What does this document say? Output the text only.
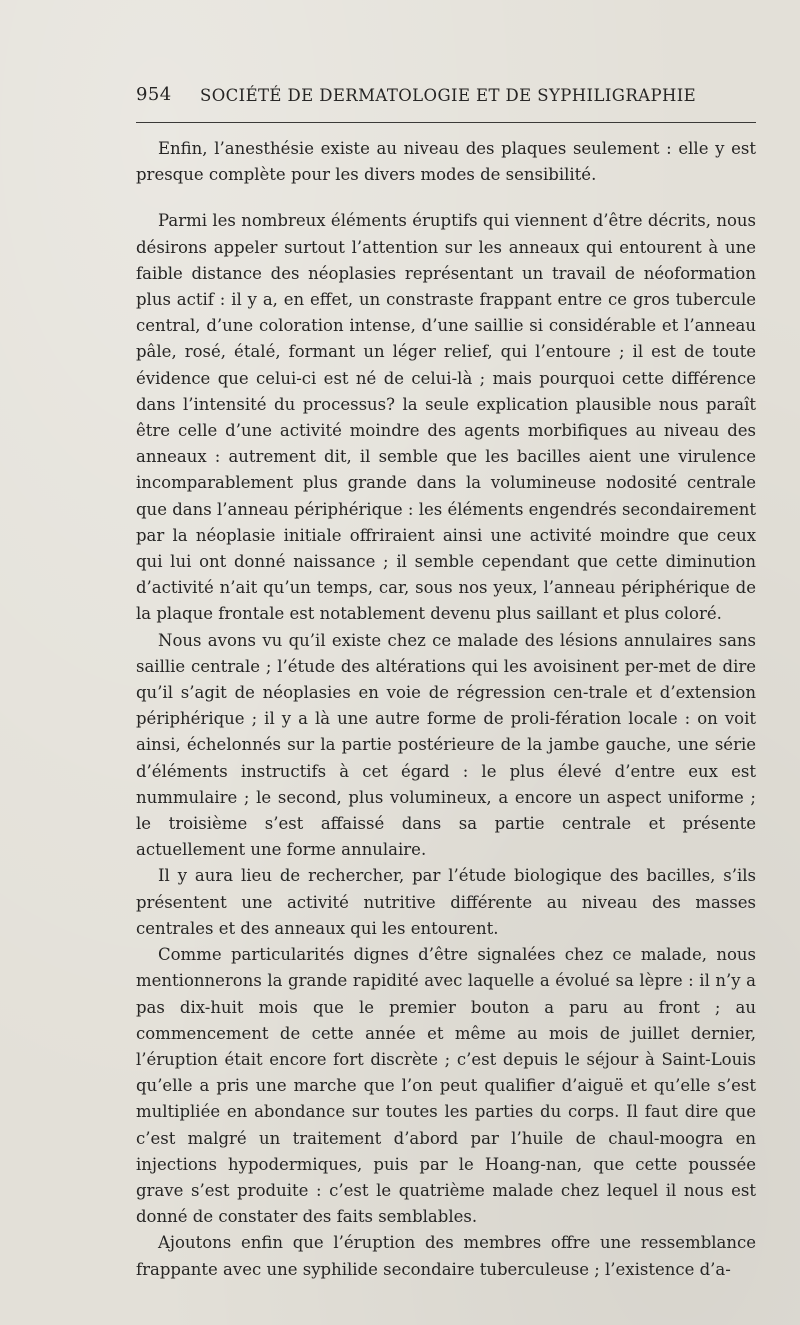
954 SOCIÉTÉ DE DERMATOLOGIE ET DE SYPHILIGRAPHIE

Enfin, l’anesthésie existe au niveau des plaques seulement : elle y est presque complète pour les divers modes de sensibilité.

Parmi les nombreux éléments éruptifs qui viennent d’être décrits, nous désirons appeler surtout l’attention sur les anneaux qui entourent à une faible distance des néoplasies représentant un travail de néoformation plus actif : il y a, en effet, un constraste frappant entre ce gros tubercule central, d’une coloration intense, d’une saillie si considérable et l’anneau pâle, rosé, étalé, formant un léger relief, qui l’entoure ; il est de toute évidence que celui-ci est né de celui-là ; mais pourquoi cette différence dans l’intensité du processus? la seule explication plausible nous paraît être celle d’une activité moindre des agents morbifiques au niveau des anneaux : autrement dit, il semble que les bacilles aient une virulence incomparablement plus grande dans la volumineuse nodosité centrale que dans l’anneau périphérique : les éléments engendrés secondairement par la néoplasie initiale offriraient ainsi une activité moindre que ceux qui lui ont donné naissance ; il semble cependant que cette diminution d’activité n’ait qu’un temps, car, sous nos yeux, l’anneau périphérique de la plaque frontale est notablement devenu plus saillant et plus coloré.

Nous avons vu qu’il existe chez ce malade des lésions annulaires sans saillie centrale ; l’étude des altérations qui les avoisinent per-met de dire qu’il s’agit de néoplasies en voie de régression cen-trale et d’extension périphérique ; il y a là une autre forme de proli-fération locale : on voit ainsi, échelonnés sur la partie postérieure de la jambe gauche, une série d’éléments instructifs à cet égard : le plus élevé d’entre eux est nummulaire ; le second, plus volumineux, a encore un aspect uniforme ; le troisième s’est affaissé dans sa partie centrale et présente actuellement une forme annulaire.

Il y aura lieu de rechercher, par l’étude biologique des bacilles, s’ils présentent une activité nutritive différente au niveau des masses centrales et des anneaux qui les entourent.

Comme particularités dignes d’être signalées chez ce malade, nous mentionnerons la grande rapidité avec laquelle a évolué sa lèpre : il n’y a pas dix-huit mois que le premier bouton a paru au front ; au commencement de cette année et même au mois de juillet dernier, l’éruption était encore fort discrète ; c’est depuis le séjour à Saint-Louis qu’elle a pris une marche que l’on peut qualifier d’aiguë et qu’elle s’est multipliée en abondance sur toutes les parties du corps. Il faut dire que c’est malgré un traitement d’abord par l’huile de chaul-moogra en injections hypodermiques, puis par le Hoang-nan, que cette poussée grave s’est produite : c’est le quatrième malade chez lequel il nous est donné de constater des faits semblables.

Ajoutons enfin que l’éruption des membres offre une ressemblance frappante avec une syphilide secondaire tuberculeuse ; l’existence d’a-
